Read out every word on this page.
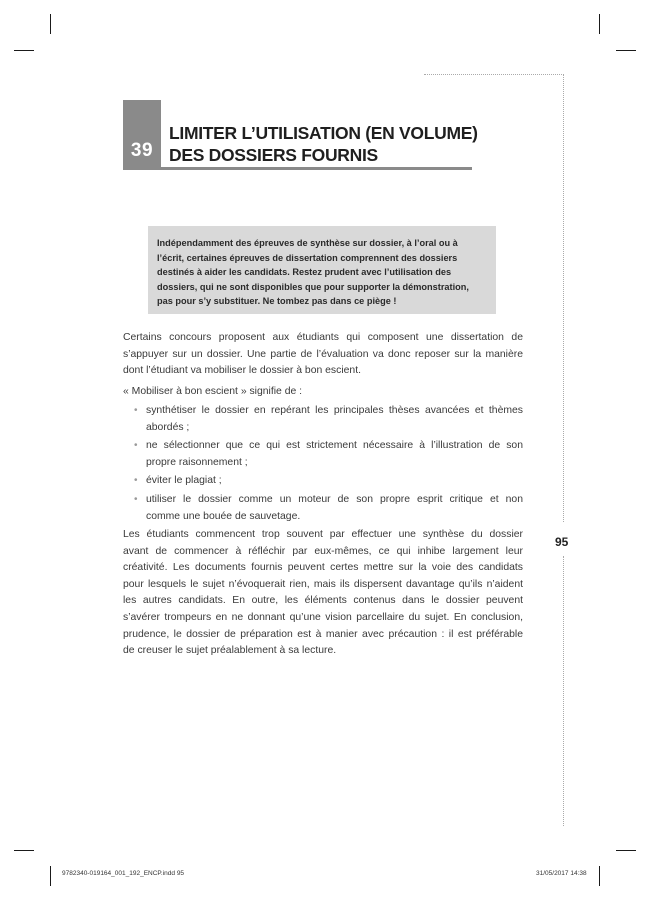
39
LIMITER L’UTILISATION (EN VOLUME)
DES DOSSIERS FOURNIS
Indépendamment des épreuves de synthèse sur dossier, à l’oral ou à
l’écrit, certaines épreuves de dissertation comprennent des dossiers
destinés à aider les candidats. Restez prudent avec l’utilisation des
dossiers, qui ne sont disponibles que pour supporter la démonstration,
pas pour s’y substituer. Ne tombez pas dans ce piège !
Certains concours proposent aux étudiants qui composent une dissertation de
s’appuyer sur un dossier. Une partie de l’évaluation va donc reposer sur la manière
dont l’étudiant va mobiliser le dossier à bon escient.
« Mobiliser à bon escient » signifie de :
• synthétiser le dossier en repérant les principales thèses avancées et thèmes
abordés ;
• ne sélectionner que ce qui est strictement nécessaire à l’illustration de son
propre raisonnement ;
• éviter le plagiat ;
• utiliser le dossier comme un moteur de son propre esprit critique et non
comme une bouée de sauvetage.
Les étudiants commencent trop souvent par effectuer une synthèse du dossier
avant de commencer à réfléchir par eux-mêmes, ce qui inhibe largement leur
créativité. Les documents fournis peuvent certes mettre sur la voie des candidats
pour lesquels le sujet n’évoquerait rien, mais ils dispersent davantage qu’ils n’aident
les autres candidats. En outre, les éléments contenus dans le dossier peuvent
s’avérer trompeurs en ne donnant qu’une vision parcellaire du sujet. En conclusion,
prudence, le dossier de préparation est à manier avec précaution : il est préférable
de creuser le sujet préalablement à sa lecture.
95
9782340-019164_001_192_ENCP.indd 95	31/05/2017 14:38
